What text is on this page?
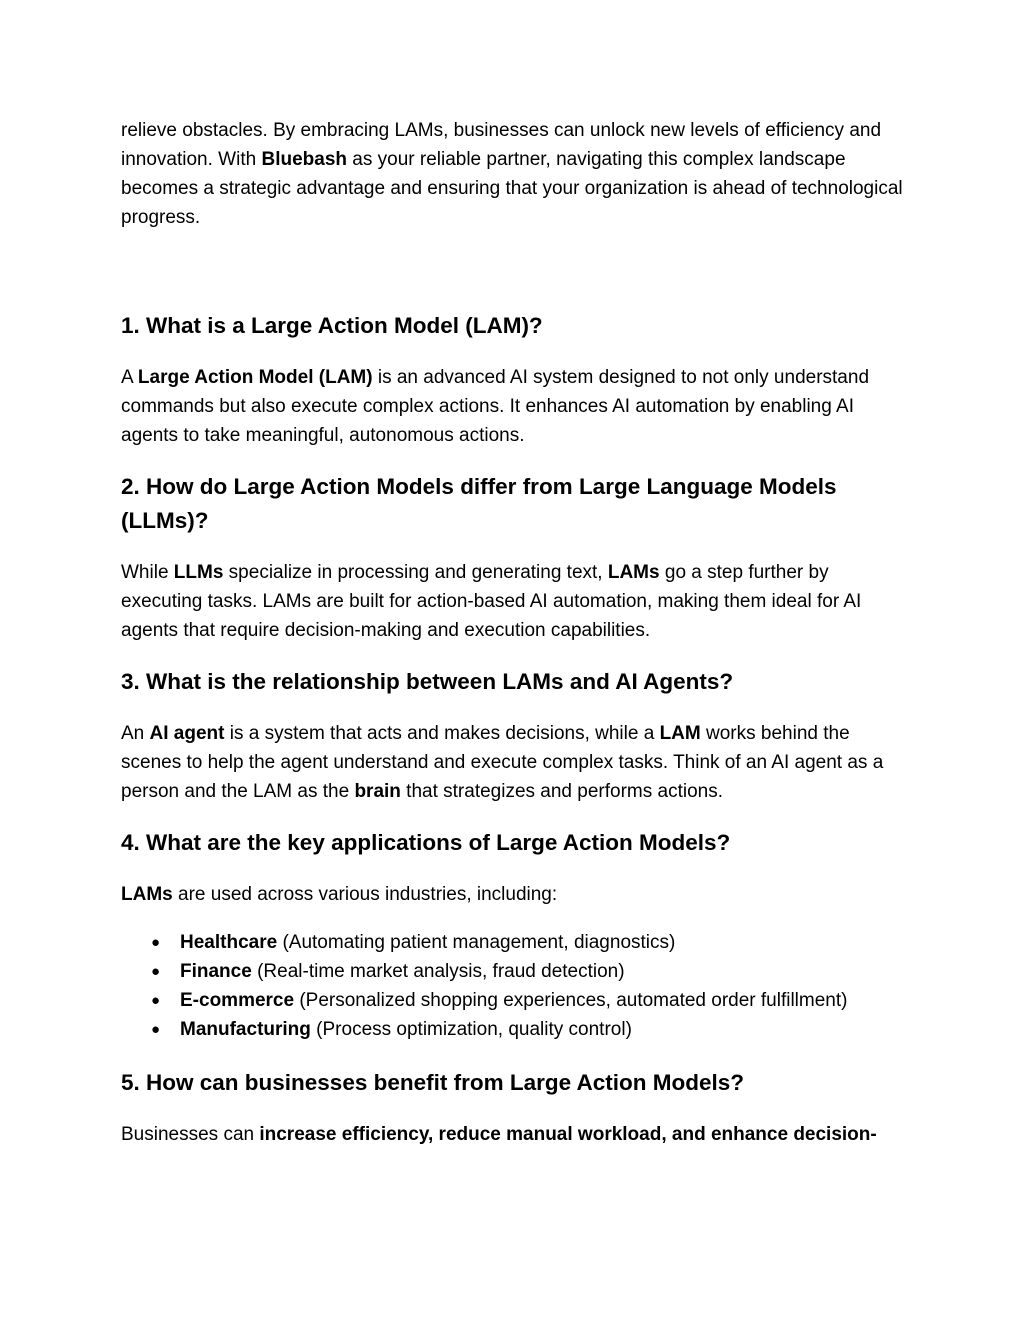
relieve obstacles. By embracing LAMs, businesses can unlock new levels of efficiency and innovation. With Bluebash as your reliable partner, navigating this complex landscape becomes a strategic advantage and ensuring that your organization is ahead of technological progress.

1. What is a Large Action Model (LAM)?

A Large Action Model (LAM) is an advanced AI system designed to not only understand commands but also execute complex actions. It enhances AI automation by enabling AI agents to take meaningful, autonomous actions.

2. How do Large Action Models differ from Large Language Models (LLMs)?

While LLMs specialize in processing and generating text, LAMs go a step further by executing tasks. LAMs are built for action-based AI automation, making them ideal for AI agents that require decision-making and execution capabilities.

3. What is the relationship between LAMs and AI Agents?

An AI agent is a system that acts and makes decisions, while a LAM works behind the scenes to help the agent understand and execute complex tasks. Think of an AI agent as a person and the LAM as the brain that strategizes and performs actions.

4. What are the key applications of Large Action Models?

LAMs are used across various industries, including:

● Healthcare (Automating patient management, diagnostics)
● Finance (Real-time market analysis, fraud detection)
● E-commerce (Personalized shopping experiences, automated order fulfillment)
● Manufacturing (Process optimization, quality control)
5. How can businesses benefit from Large Action Models?

Businesses can increase efficiency, reduce manual workload, and enhance decision-
